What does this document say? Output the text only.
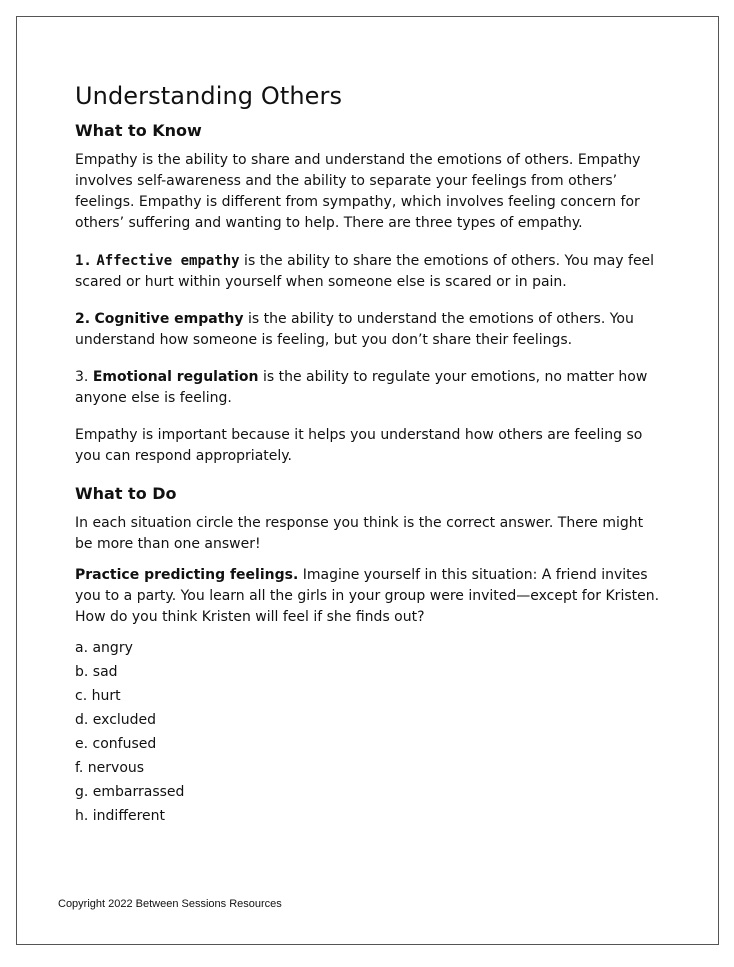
Understanding Others
What to Know

Empathy is the ability to share and understand the emotions of others. Empathy involves self-awareness and the ability to separate your feelings from others’ feelings. Empathy is different from sympathy, which involves feeling concern for others’ suffering and wanting to help. There are three types of empathy.

1. Affective empathy is the ability to share the emotions of others. You may feel scared or hurt within yourself when someone else is scared or in pain.

2. Cognitive empathy is the ability to understand the emotions of others. You understand how someone is feeling, but you don’t share their feelings.

3. Emotional regulation is the ability to regulate your emotions, no matter how anyone else is feeling.

Empathy is important because it helps you understand how others are feeling so you can respond appropriately.

What to Do

In each situation circle the response you think is the correct answer. There might be more than one answer!

Practice predicting feelings. Imagine yourself in this situation: A friend invites you to a party. You learn all the girls in your group were invited—except for Kristen. How do you think Kristen will feel if she finds out?

a. angry
b. sad
c. hurt
d. excluded
e. confused
f. nervous
g. embarrassed
h. indifferent
Copyright 2022 Between Sessions Resources
